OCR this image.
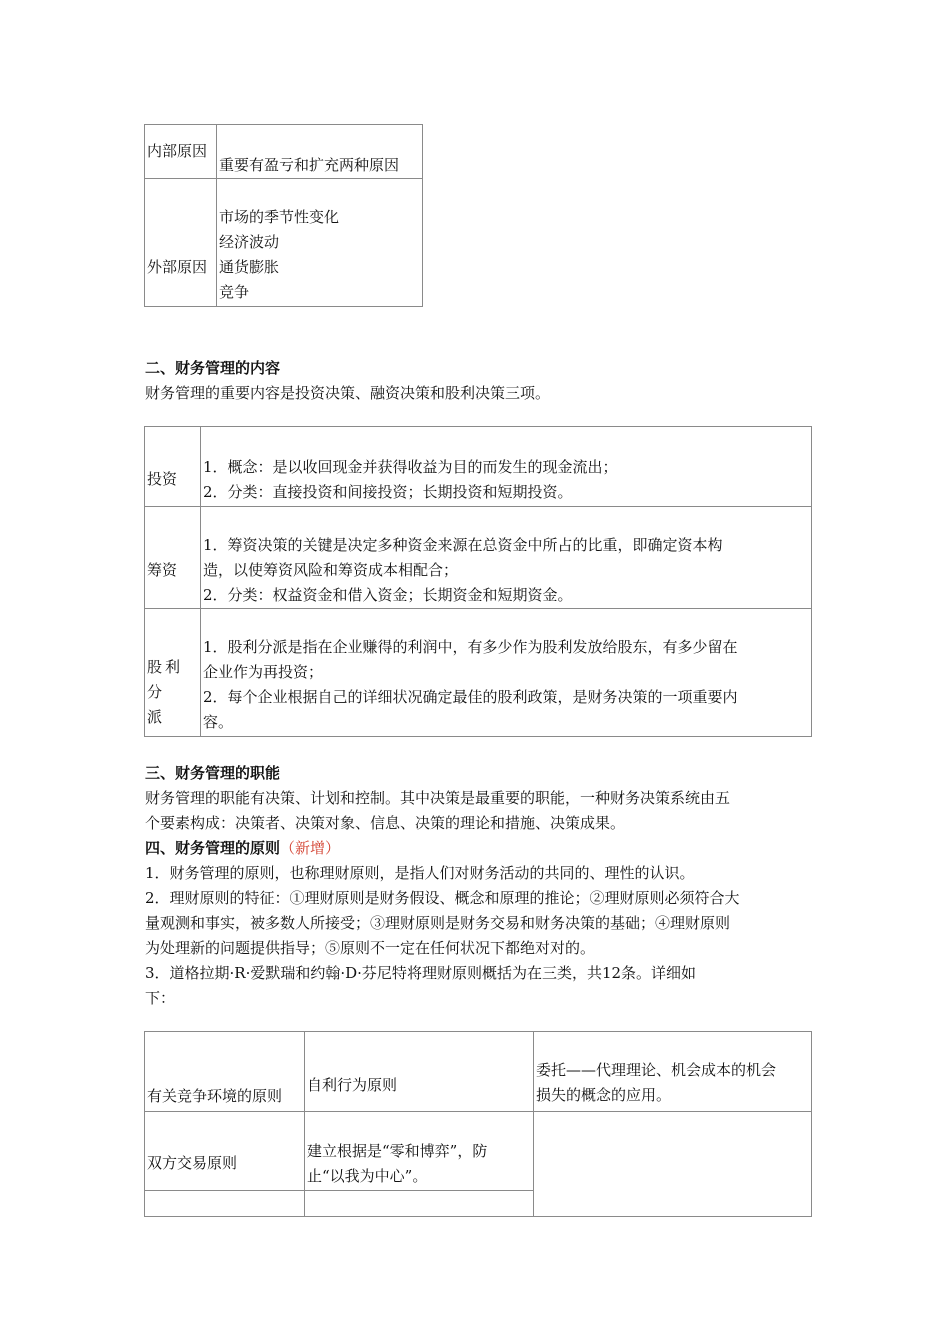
内部原因	重要有盈亏和扩充两种原因

外部原因	市场的季节性变化
经济波动
通货膨胀
竞争
二、财务管理的内容
财务管理的重要内容是投资决策、融资决策和股利决策三项。
投资	1．概念：是以收回现金并获得收益为目的而发生的现金流出；
2．分类：直接投资和间接投资；长期投资和短期投资。

筹资	1．筹资决策的关键是决定多种资金来源在总资金中所占的比重，即确定资本构
造，以使筹资风险和筹资成本相配合；
2．分类：权益资金和借入资金；长期资金和短期资金。

股利分
派	1．股利分派是指在企业赚得的利润中，有多少作为股利发放给股东，有多少留在
企业作为再投资；
2．每个企业根据自己的详细状况确定最佳的股利政策，是财务决策的一项重要内
容。
三、财务管理的职能
财务管理的职能有决策、计划和控制。其中决策是最重要的职能，一种财务决策系统由五
个要素构成：决策者、决策对象、信息、决策的理论和措施、决策成果。
四、财务管理的原则（新增）
1．财务管理的原则，也称理财原则，是指人们对财务活动的共同的、理性的认识。
2．理财原则的特征：①理财原则是财务假设、概念和原理的推论；②理财原则必须符合大
量观测和事实，被多数人所接受；③理财原则是财务交易和财务决策的基础；④理财原则
为处理新的问题提供指导；⑤原则不一定在任何状况下都绝对对的。
3．道格拉期·R·爱默瑞和约翰·D·芬尼特将理财原则概括为在三类，共12条。详细如
下：
有关竞争环境的原则	自利行为原则	委托——代理理论、机会成本的机会
损失的概念的应用。

双方交易原则	建立根据是“零和博弈”，防
止“以我为中心”。	
